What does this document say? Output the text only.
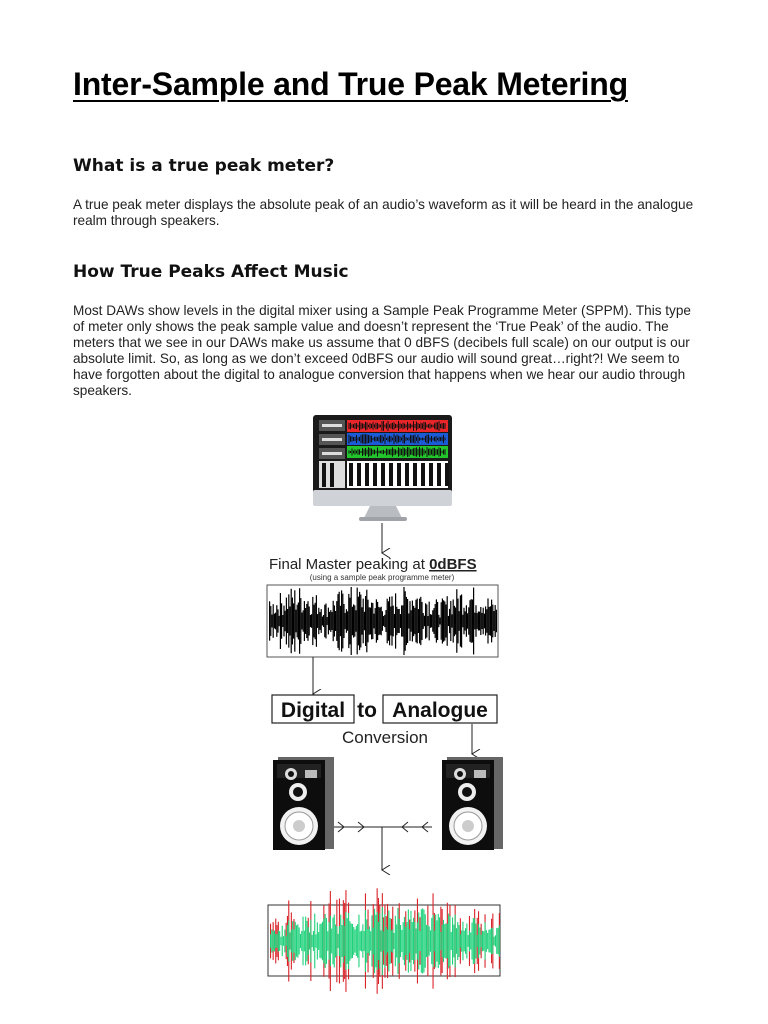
Inter-Sample and True Peak Metering
What is a true peak meter?

A true peak meter displays the absolute peak of an audio’s waveform as it will be heard in the analogue realm through speakers.

How True Peaks Affect Music

Most DAWs show levels in the digital mixer using a Sample Peak Programme Meter (SPPM). This type of meter only shows the peak sample value and doesn’t represent the ‘True Peak’ of the audio. The meters that we see in our DAWs make us assume that 0 dBFS (decibels full scale) on our output is our absolute limit. So, as long as we don’t exceed 0dBFS our audio will sound great…right?! We seem to have forgotten about the digital to analogue conversion that happens when we hear our audio through speakers.

Final Master peaking at 0dBFS
(using a sample peak programme meter)
Digital to Analogue
Conversion
